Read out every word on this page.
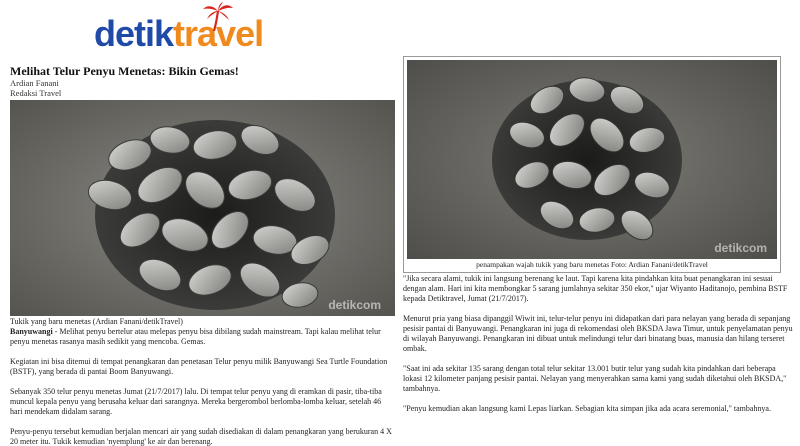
detiktravel
Melihat Telur Penyu Menetas: Bikin Gemas!
Ardian Fanani
Redaksi Travel
detikcom
Tukik yang baru menetas (Ardian Fanani/detikTravel)
Banyuwangi - Melihat penyu bertelur atau melepas penyu bisa dibilang sudah mainstream. Tapi kalau melihat telur penyu menetas rasanya masih sedikit yang mencoba. Gemas.
Kegiatan ini bisa ditemui di tempat penangkaran dan penetasan Telur penyu milik Banyuwangi Sea Turtle Foundation (BSTF), yang berada di pantai Boom Banyuwangi.
Sebanyak 350 telur penyu menetas Jumat (21/7/2017) lalu. Di tempat telur penyu yang di eramkan di pasir, tiba-tiba muncul kepala penyu yang berusaha keluar dari sarangnya. Mereka bergerombol berlomba-lomba keluar, setelah 46 hari mendekam didalam sarang.
Penyu-penyu tersebut kemudian berjalan mencari air yang sudah disediakan di dalam penangkaran yang berukuran 4 X 20 meter itu. Tukik kemudian 'nyemplung' ke air dan berenang.
detikcom
penampakan wajah tukik yang baru menetas Foto: Ardian Fanani/detikTravel
"Jika secara alami, tukik ini langsung berenang ke laut. Tapi karena kita pindahkan kita buat penangkaran ini sesuai dengan alam. Hari ini kita membongkar 5 sarang jumlahnya sekitar 350 ekor," ujar Wiyanto Haditanojo, pembina BSTF kepada Detiktravel, Jumat (21/7/2017).
Menurut pria yang biasa dipanggil Wiwit ini, telur-telur penyu ini didapatkan dari para nelayan yang berada di sepanjang pesisir pantai di Banyuwangi. Penangkaran ini juga di rekomendasi oleh BKSDA Jawa Timur, untuk penyelamatan penyu di wilayah Banyuwangi. Penangkaran ini dibuat untuk melindungi telur dari binatang buas, manusia dan hilang terseret ombak.
"Saat ini ada sekitar 135 sarang dengan total telur sekitar 13.001 butir telur yang sudah kita pindahkan dari beberapa lokasi 12 kilometer panjang pesisir pantai. Nelayan yang menyerahkan sama kami yang sudah diketahui oleh BKSDA," tambahnya.
"Penyu kemudian akan langsung kami Lepas liarkan. Sebagian kita simpan jika ada acara seremonial," tambahnya.
